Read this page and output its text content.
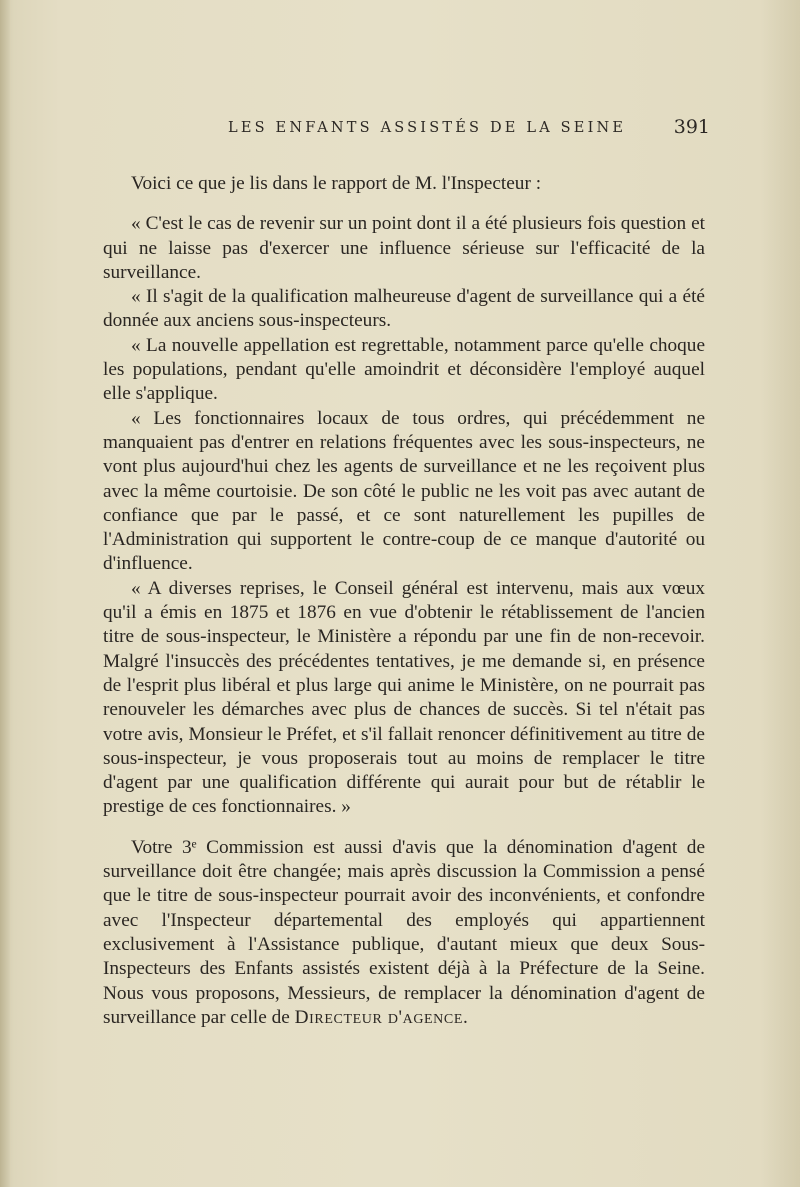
LES ENFANTS ASSISTÉS DE LA SEINE	391

Voici ce que je lis dans le rapport de M. l'Inspecteur :

« C'est le cas de revenir sur un point dont il a été plusieurs fois question et qui ne laisse pas d'exercer une influence sérieuse sur l'efficacité de la surveillance.

« Il s'agit de la qualification malheureuse d'agent de surveillance qui a été donnée aux anciens sous-inspecteurs.

« La nouvelle appellation est regrettable, notamment parce qu'elle choque les populations, pendant qu'elle amoindrit et déconsidère l'employé auquel elle s'applique.

« Les fonctionnaires locaux de tous ordres, qui précédemment ne manquaient pas d'entrer en relations fréquentes avec les sous-inspecteurs, ne vont plus aujourd'hui chez les agents de surveillance et ne les reçoivent plus avec la même courtoisie. De son côté le public ne les voit pas avec autant de confiance que par le passé, et ce sont naturellement les pupilles de l'Administration qui supportent le contre-coup de ce manque d'autorité ou d'influence.

« A diverses reprises, le Conseil général est intervenu, mais aux vœux qu'il a émis en 1875 et 1876 en vue d'obtenir le rétablissement de l'ancien titre de sous-inspecteur, le Ministère a répondu par une fin de non-recevoir. Malgré l'insuccès des précédentes tentatives, je me demande si, en présence de l'esprit plus libéral et plus large qui anime le Ministère, on ne pourrait pas renouveler les démarches avec plus de chances de succès. Si tel n'était pas votre avis, Monsieur le Préfet, et s'il fallait renoncer définitivement au titre de sous-inspecteur, je vous proposerais tout au moins de remplacer le titre d'agent par une qualification différente qui aurait pour but de rétablir le prestige de ces fonctionnaires. »

Votre 3ᵉ Commission est aussi d'avis que la dénomination d'agent de surveillance doit être changée; mais après discussion la Commission a pensé que le titre de sous-inspecteur pourrait avoir des inconvénients, et confondre avec l'Inspecteur départemental des employés qui appartiennent exclusivement à l'Assistance publique, d'autant mieux que deux Sous-Inspecteurs des Enfants assistés existent déjà à la Préfecture de la Seine. Nous vous proposons, Messieurs, de remplacer la dénomination d'agent de surveillance par celle de Directeur d'agence.
